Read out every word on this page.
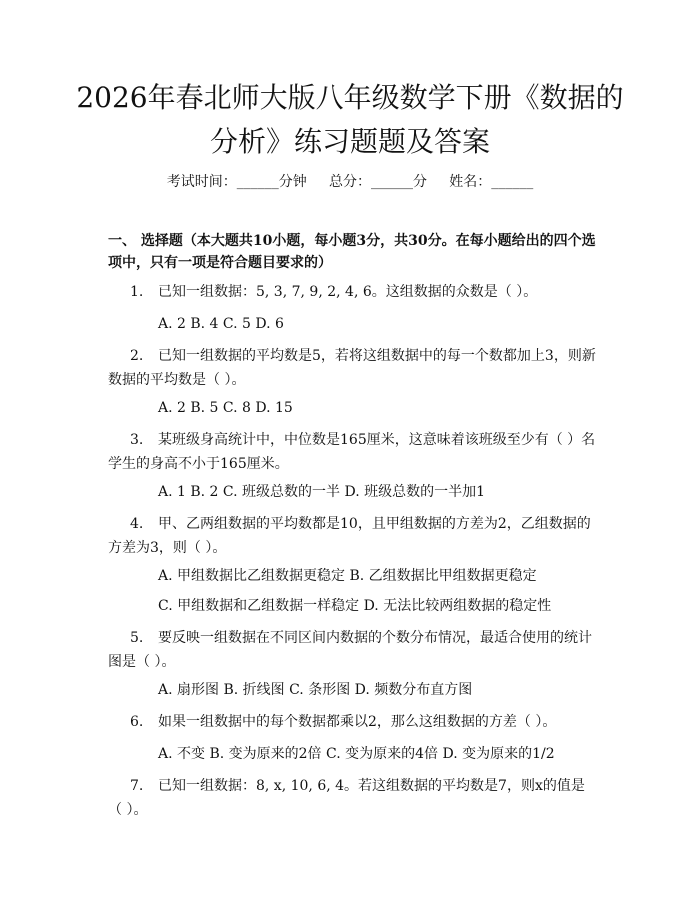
2026年春北师大版八年级数学下册《数据的
分析》练习题题及答案
考试时间：______分钟     总分：______分     姓名：______
一、 选择题（本大题共10小题，每小题3分，共30分。在每小题给出的四个选项中，只有一项是符合题目要求的）
1. 已知一组数据：5, 3, 7, 9, 2, 4, 6。这组数据的众数是（ ）。
A. 2 B. 4 C. 5 D. 6
2. 已知一组数据的平均数是5，若将这组数据中的每一个数都加上3，则新数据的平均数是（ ）。
A. 2 B. 5 C. 8 D. 15
3. 某班级身高统计中，中位数是165厘米，这意味着该班级至少有（ ）名学生的身高不小于165厘米。
A. 1 B. 2 C. 班级总数的一半 D. 班级总数的一半加1
4. 甲、乙两组数据的平均数都是10，且甲组数据的方差为2，乙组数据的方差为3，则（ ）。
A. 甲组数据比乙组数据更稳定 B. 乙组数据比甲组数据更稳定
C. 甲组数据和乙组数据一样稳定 D. 无法比较两组数据的稳定性
5. 要反映一组数据在不同区间内数据的个数分布情况，最适合使用的统计图是（ ）。
A. 扇形图 B. 折线图 C. 条形图 D. 频数分布直方图
6. 如果一组数据中的每个数据都乘以2，那么这组数据的方差（ ）。
A. 不变 B. 变为原来的2倍 C. 变为原来的4倍 D. 变为原来的1/2
7. 已知一组数据：8, x, 10, 6, 4。若这组数据的平均数是7，则x的值是（ ）。
